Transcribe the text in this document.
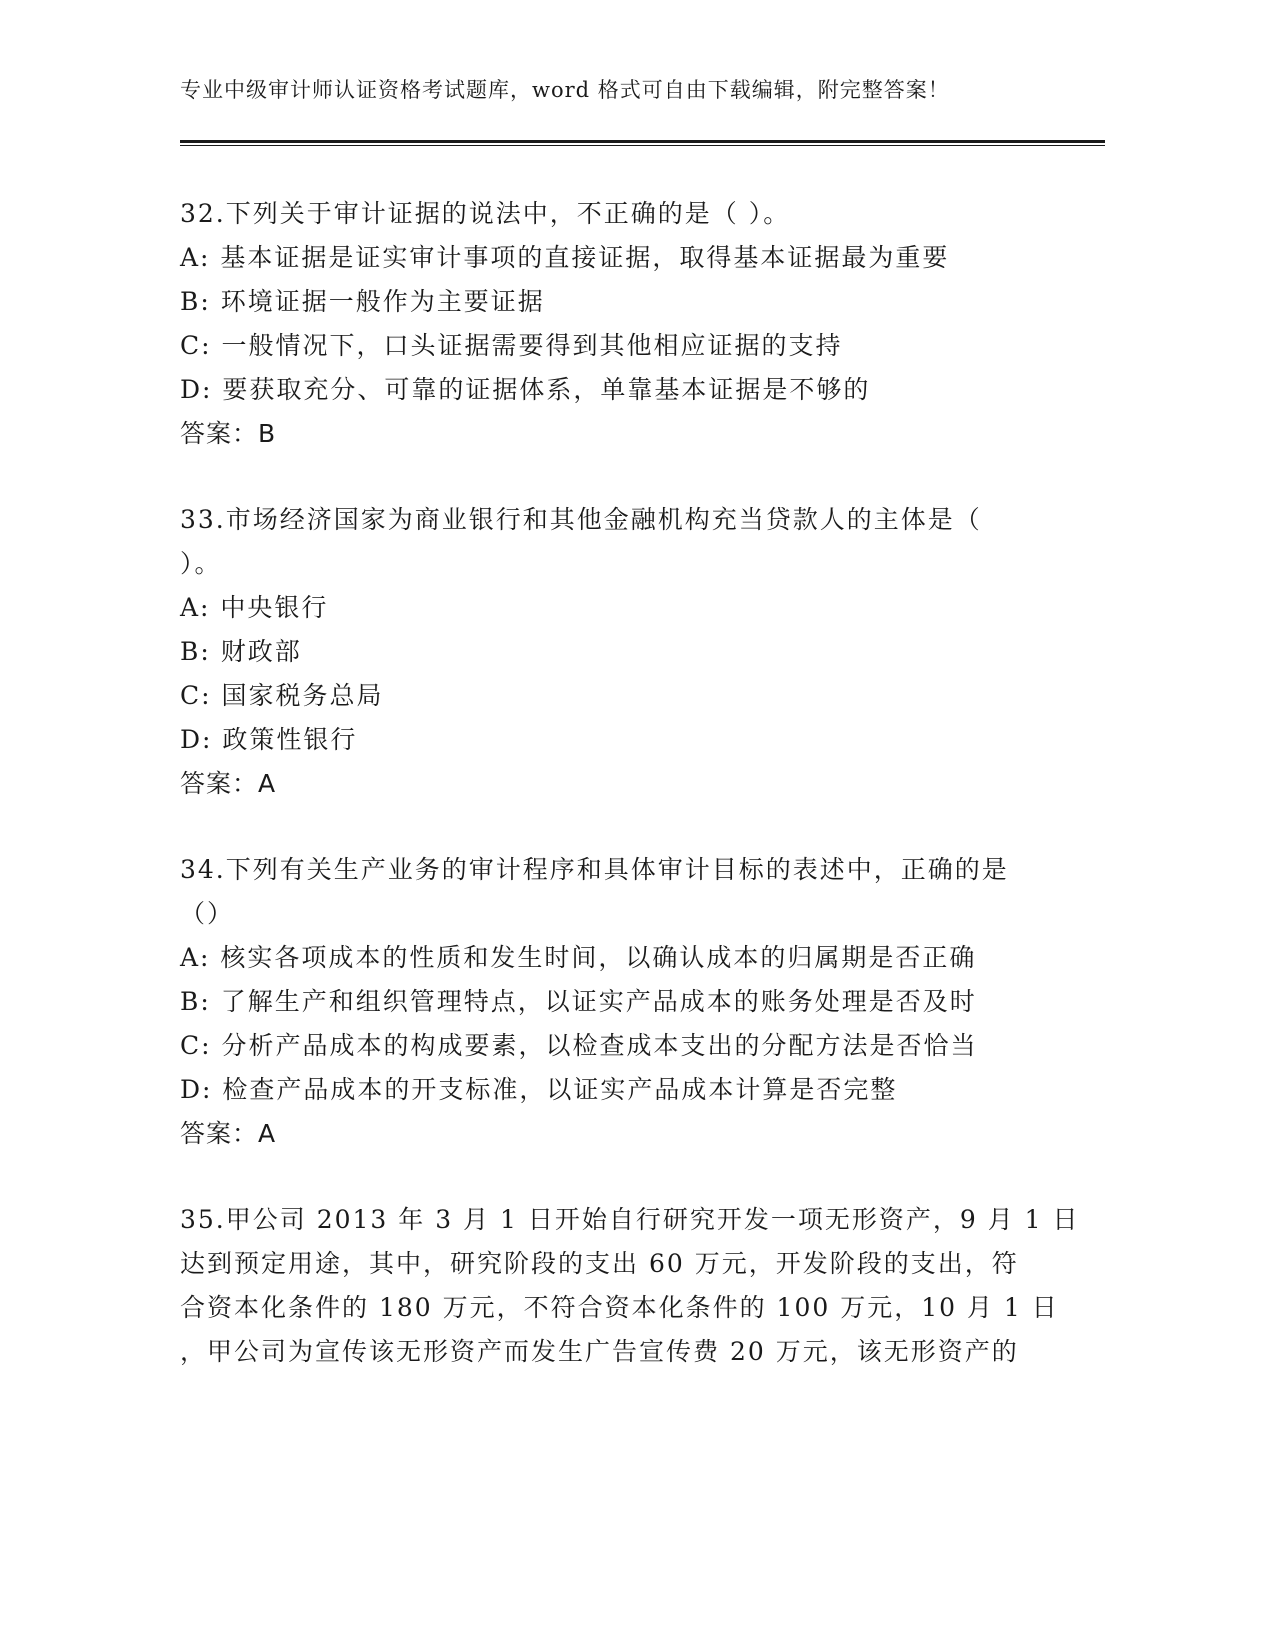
专业中级审计师认证资格考试题库，word 格式可自由下载编辑，附完整答案！
32.下列关于审计证据的说法中，不正确的是（ ）。
A: 基本证据是证实审计事项的直接证据，取得基本证据最为重要
B: 环境证据一般作为主要证据
C: 一般情况下，口头证据需要得到其他相应证据的支持
D: 要获取充分、可靠的证据体系，单靠基本证据是不够的
答案：B
33.市场经济国家为商业银行和其他金融机构充当贷款人的主体是（
）。
A: 中央银行
B: 财政部
C: 国家税务总局
D: 政策性银行
答案：A
34.下列有关生产业务的审计程序和具体审计目标的表述中，正确的是
（）
A: 核实各项成本的性质和发生时间，以确认成本的归属期是否正确
B: 了解生产和组织管理特点，以证实产品成本的账务处理是否及时
C: 分析产品成本的构成要素，以检查成本支出的分配方法是否恰当
D: 检查产品成本的开支标准，以证实产品成本计算是否完整
答案：A
35.甲公司 2013 年 3 月 1 日开始自行研究开发一项无形资产，9 月 1 日
达到预定用途，其中，研究阶段的支出 60 万元，开发阶段的支出，符
合资本化条件的 180 万元，不符合资本化条件的 100 万元，10 月 1 日
，甲公司为宣传该无形资产而发生广告宣传费 20 万元，该无形资产的
